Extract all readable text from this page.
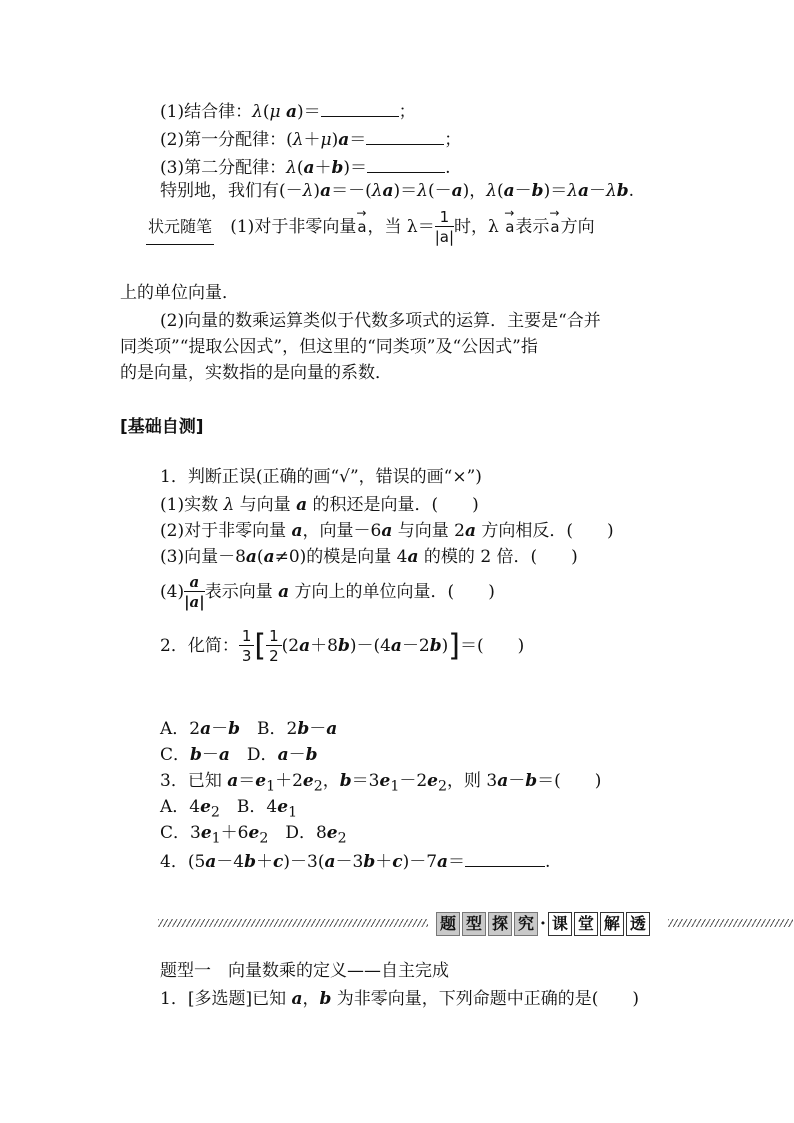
(1)结合律：λ(μ a)＝	；
(2)第一分配律：(λ＋μ)a＝	；
(3)第二分配律：λ(a＋b)＝	.
特别地，我们有(－λ)a＝－(λa)＝λ(－a)，λ(a－b)＝λa－λb.
状元随笔 (1)对于非零向量→ a，当 $\lambda= \frac{1}{|a|}$ 时，λ → a表示→ a方向
上的单位向量．
(2)向量的数乘运算类似于代数多项式的运算．主要是“合并
同类项”“提取公因式”，但这里的“同类项”及“公因式”指
的是向量，实数指的是向量的系数．
[基础自测]
1．判断正误(正确的画“√”，错误的画“×”)
(1)实数 λ 与向量 a 的积还是向量．(　　)
(2)对于非零向量 a，向量－6a 与向量 2a 方向相反．(　　)
(3)向量－8a(a≠0)的模是向量 4a 的模的 2 倍．(　　)
$(4) \frac{a}{|a|}$ 表示向量 a 方向上的单位向量．(　　)
2．化简： $\frac{1}{3}$ [ $\frac{1}{2} (2a+8b)-(4a-2b)]=$(　　)
A．2a－b　 B．2b－a
C．b－a　 D．a－b
3．已知 $a=e_1+2e_2$，$b=3e_1-2e_2$，则 3a－b＝(　　)
A．$4e_2$　B．$4e_1$
C．$3e_1+6e_2$　D．$8e_2$
4．(5a－4b＋c)－3(a－3b＋c)－7a＝	.
题 型 探 究 · 课 堂 解 透
题型一　向量数乘的定义——自主完成
1．[多选题]已知 a，b 为非零向量，下列命题中正确的是(　　)
